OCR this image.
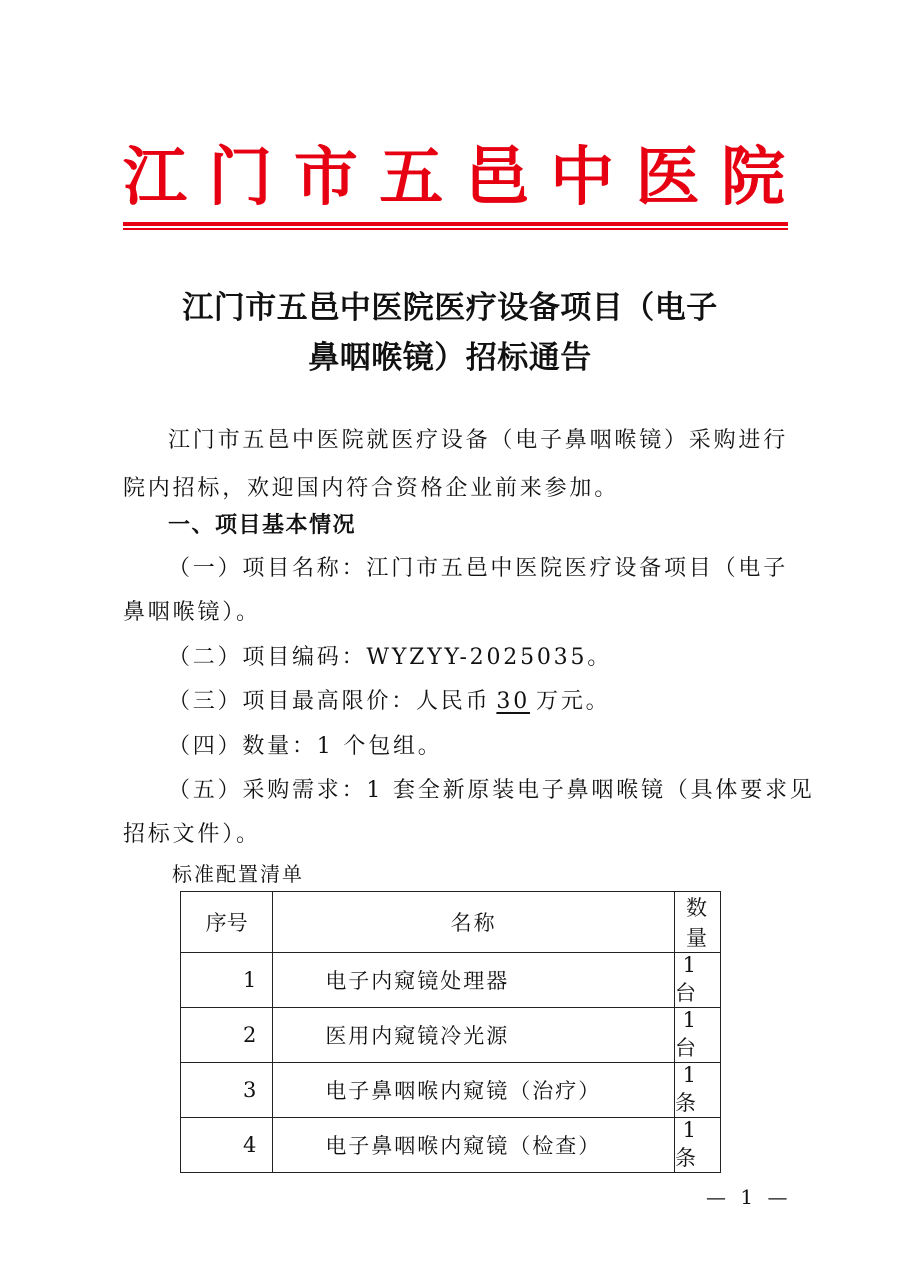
江 门 市 五 邑 中 医 院
江门市五邑中医院医疗设备项目（电子
鼻咽喉镜）招标通告
江门市五邑中医院就医疗设备（电子鼻咽喉镜）采购进行
院内招标，欢迎国内符合资格企业前来参加。
一、项目基本情况
（一）项目名称：江门市五邑中医院医疗设备项目（电子
鼻咽喉镜）。
（二）项目编码：WYZYY-2025035。
（三）项目最高限价：人民币 30 万元。
（四）数量：1 个包组。
（五）采购需求：1 套全新原装电子鼻咽喉镜（具体要求见
招标文件）。
标准配置清单
序号	名称	数量
1	电子内窥镜处理器	1 台
2	医用内窥镜冷光源	1 台
3	电子鼻咽喉内窥镜（治疗）	1 条
4	电子鼻咽喉内窥镜（检查）	1 条
— 1 —
